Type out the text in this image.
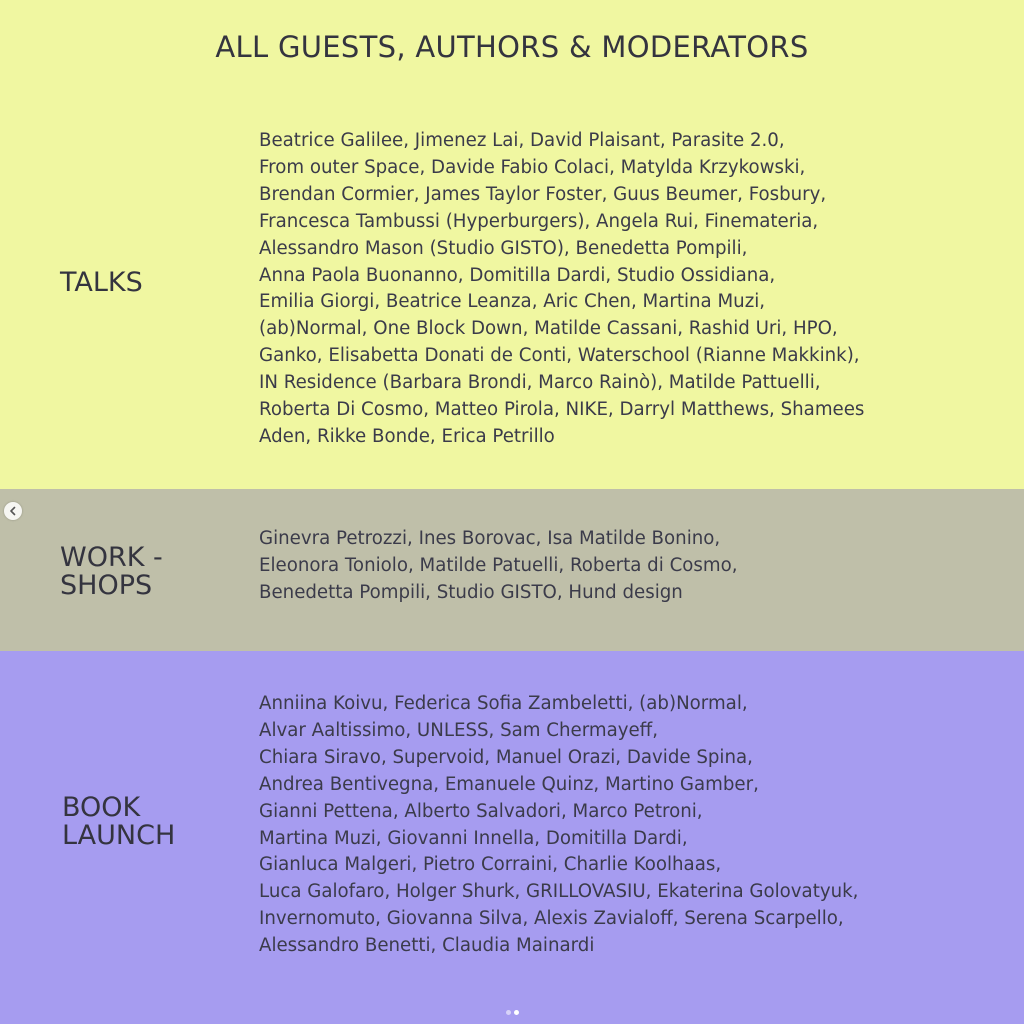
ALL GUESTS, AUTHORS & MODERATORS
TALKS

Beatrice Galilee, Jimenez Lai, David Plaisant, Parasite 2.0,
From outer Space, Davide Fabio Colaci, Matylda Krzykowski,
Brendan Cormier, James Taylor Foster, Guus Beumer, Fosbury,
Francesca Tambussi (Hyperburgers), Angela Rui, Finemateria,
Alessandro Mason (Studio GISTO), Benedetta Pompili,
Anna Paola Buonanno, Domitilla Dardi, Studio Ossidiana,
Emilia Giorgi, Beatrice Leanza, Aric Chen, Martina Muzi,
(ab)Normal, One Block Down, Matilde Cassani, Rashid Uri, HPO,
Ganko, Elisabetta Donati de Conti, Waterschool (Rianne Makkink),
IN Residence (Barbara Brondi, Marco Rainò), Matilde Pattuelli,
Roberta Di Cosmo, Matteo Pirola, NIKE, Darryl Matthews, Shamees
Aden, Rikke Bonde, Erica Petrillo

WORK -
SHOPS

Ginevra Petrozzi, Ines Borovac, Isa Matilde Bonino,
Eleonora Toniolo, Matilde Patuelli, Roberta di Cosmo,
Benedetta Pompili, Studio GISTO, Hund design

BOOK
LAUNCH

Anniina Koivu, Federica Sofia Zambeletti, (ab)Normal,
Alvar Aaltissimo, UNLESS, Sam Chermayeff,
Chiara Siravo, Supervoid, Manuel Orazi, Davide Spina,
Andrea Bentivegna, Emanuele Quinz, Martino Gamber,
Gianni Pettena, Alberto Salvadori, Marco Petroni,
Martina Muzi, Giovanni Innella, Domitilla Dardi,
Gianluca Malgeri, Pietro Corraini, Charlie Koolhaas,
Luca Galofaro, Holger Shurk, GRILLOVASIU, Ekaterina Golovatyuk,
Invernomuto, Giovanna Silva, Alexis Zavialoff, Serena Scarpello,
Alessandro Benetti, Claudia Mainardi
